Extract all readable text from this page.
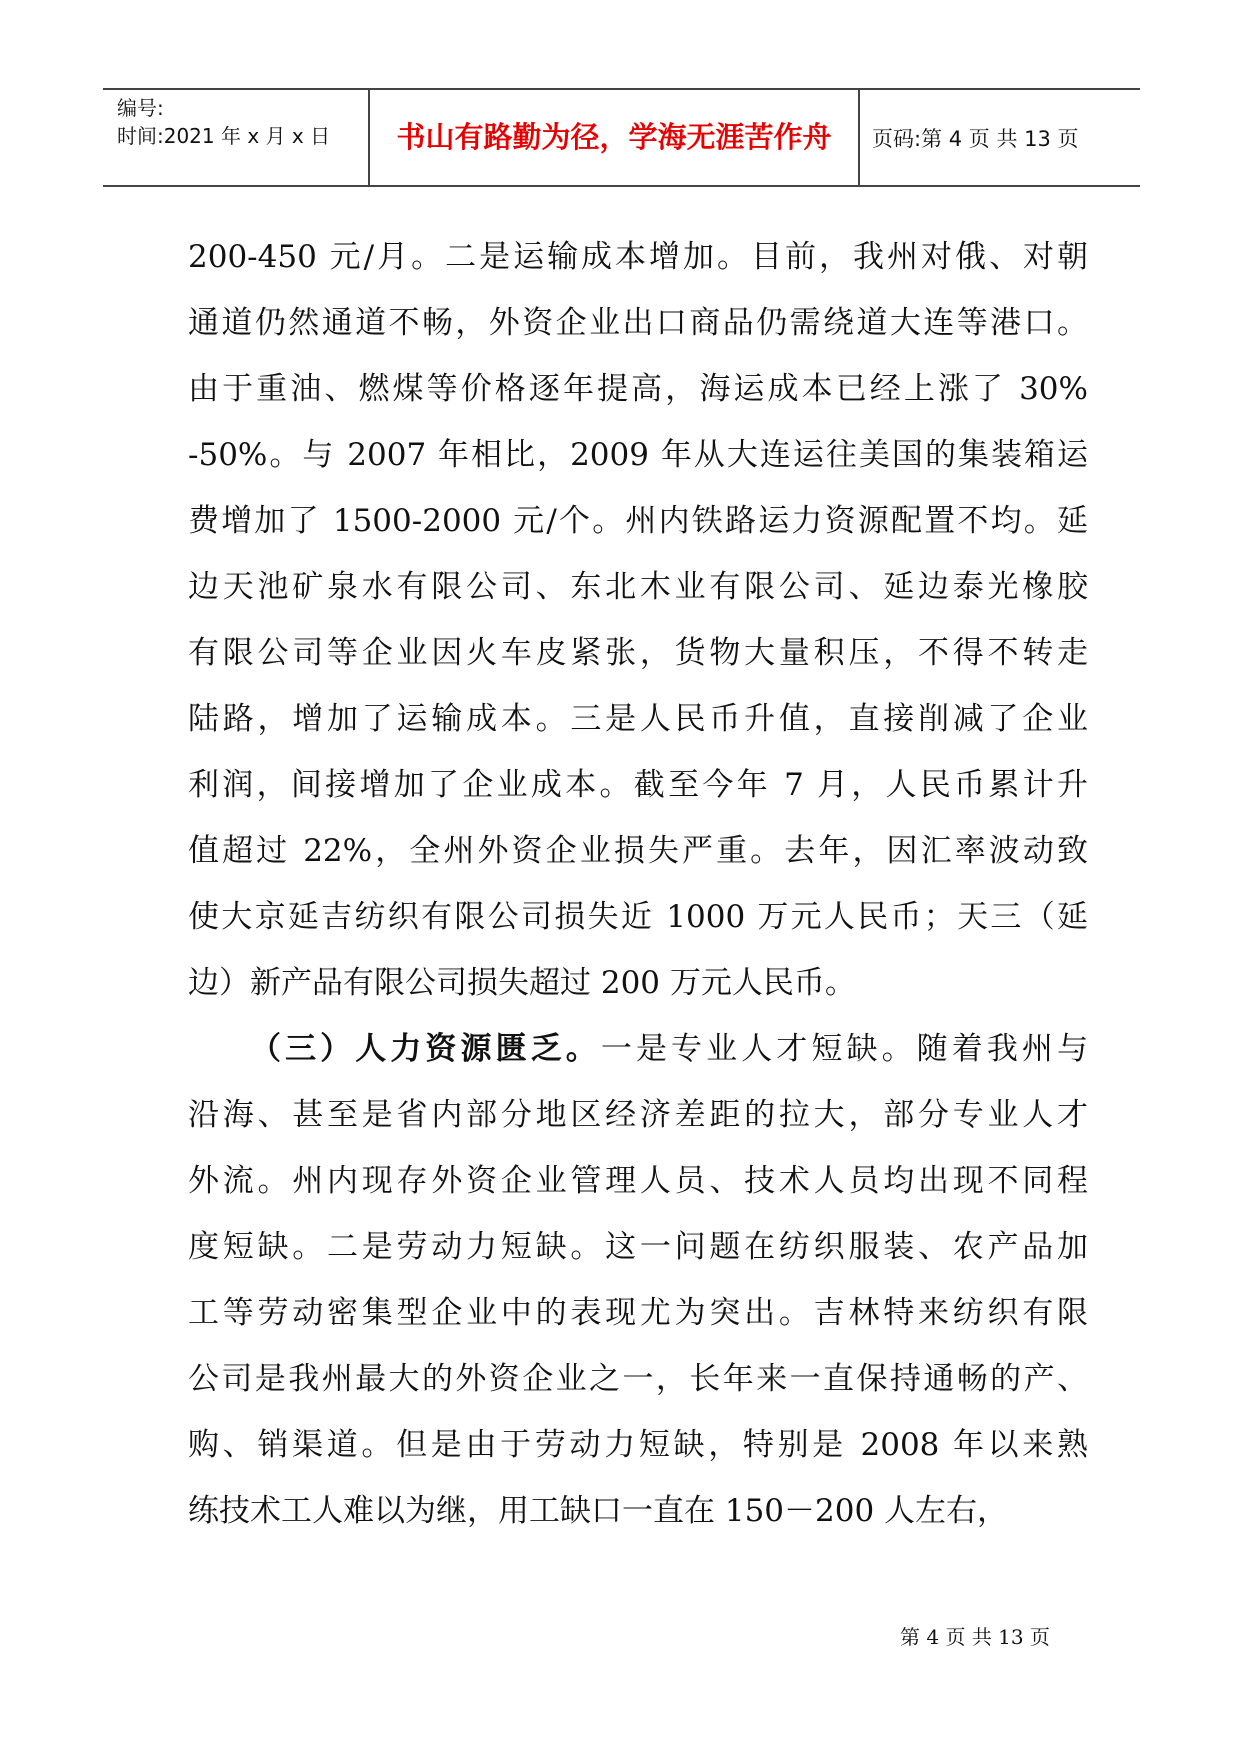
编号:
时间:2021 年 x 月 x 日	书山有路勤为径，学海无涯苦作舟	页码:第 4 页 共 13 页

200-450 元/月。二是运输成本增加。目前，我州对俄、对朝

通道仍然通道不畅，外资企业出口商品仍需绕道大连等港口。

由于重油、燃煤等价格逐年提高，海运成本已经上涨了 30%

-50%。与 2007 年相比，2009 年从大连运往美国的集装箱运

费增加了 1500-2000 元/个。州内铁路运力资源配置不均。延

边天池矿泉水有限公司、东北木业有限公司、延边泰光橡胶

有限公司等企业因火车皮紧张，货物大量积压，不得不转走

陆路，增加了运输成本。三是人民币升值，直接削减了企业

利润，间接增加了企业成本。截至今年 7 月，人民币累计升

值超过 22%，全州外资企业损失严重。去年，因汇率波动致

使大京延吉纺织有限公司损失近 1000 万元人民币；天三（延

边）新产品有限公司损失超过 200 万元人民币。

（三）人力资源匮乏。一是专业人才短缺。随着我州与

沿海、甚至是省内部分地区经济差距的拉大，部分专业人才

外流。州内现存外资企业管理人员、技术人员均出现不同程

度短缺。二是劳动力短缺。这一问题在纺织服装、农产品加

工等劳动密集型企业中的表现尤为突出。吉林特来纺织有限

公司是我州最大的外资企业之一，长年来一直保持通畅的产、

购、销渠道。但是由于劳动力短缺，特别是 2008 年以来熟

练技术工人难以为继，用工缺口一直在 150－200 人左右，

第 4 页 共 13 页
